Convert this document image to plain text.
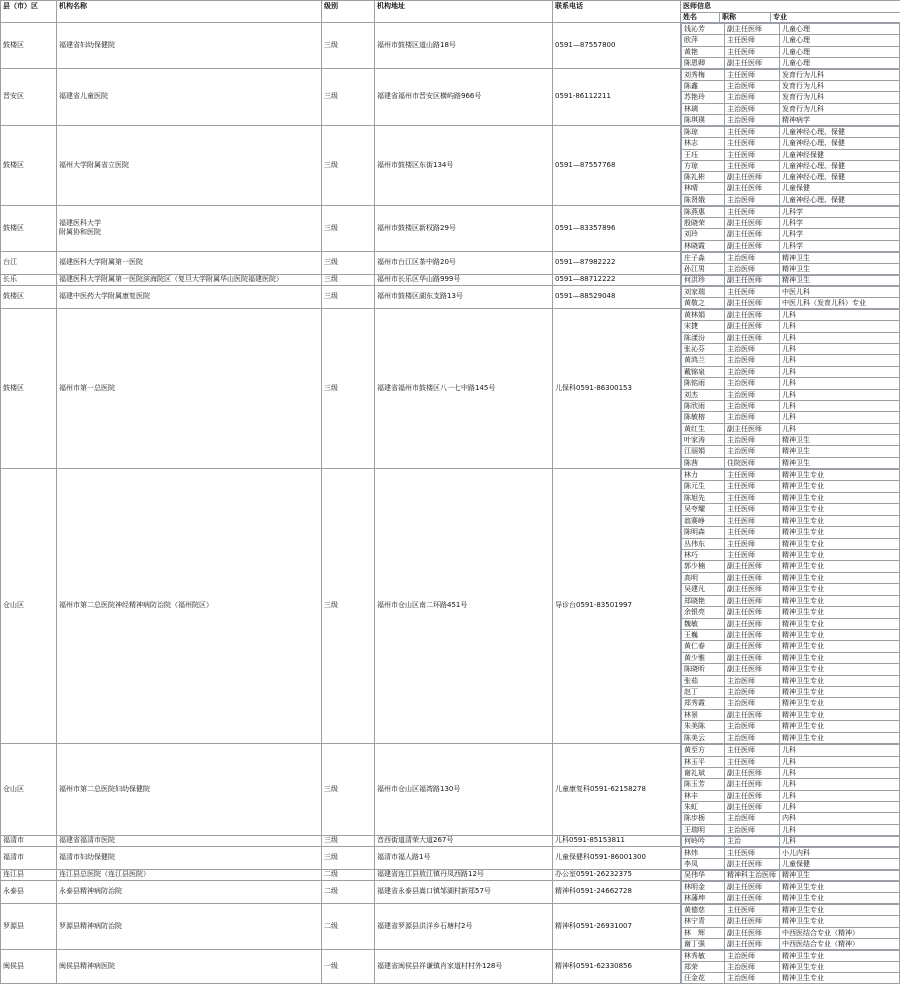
县（市）区	机构名称	级别	机构地址	联系电话	医师信息
姓名	职称	专业

鼓楼区	福建省妇幼保健院	三级	福州市鼓楼区道山路18号	0591—87557800	
钱沁芳	副主任医师	儿童心理
欧萍	主任医师	儿童心理
黄艳	主任医师	儿童心理
陈恩卿	副主任医师	儿童心理

晋安区	福建省儿童医院	三级	福建省福州市晋安区横屿路966号	0591-86112211	
刘秀梅	主任医师	发育行为儿科
陈鑫	主治医师	发育行为儿科
苏艳玲	主治医师	发育行为儿科
林璃	主治医师	发育行为儿科
陈琪瑛	主治医师	精神病学

鼓楼区	福州大学附属省立医院	三级	福州市鼓楼区东街134号	0591—87557768	
陈琼	主任医师	儿童神经心理、保健
林志	主任医师	儿童神经心理、保健
王珏	主任医师	儿童神经保健
方琼	主任医师	儿童神经心理、保健
陈礼彬	副主任医师	儿童神经心理、保健
林晴	副主任医师	儿童保健
陈贤娥	主治医师	儿童神经心理、保健

鼓楼区	福建医科大学
附属协和医院	三级	福州市鼓楼区新权路29号	0591—83357896	
陈燕惠	主任医师	儿科学
殷晓荣	副主任医师	儿科学
刘玲	副主任医师	儿科学
林晓霞	副主任医师	儿科学

台江	福建医科大学附属第一医院	三级	福州市台江区茶中路20号	0591—87982222	
庄子淼	主治医师	精神卫生
孙江男	主治医师	精神卫生

长乐	福建医科大学附属第一医院滨海院区（复旦大学附属华山医院福建医院）	三级	福州市长乐区华山路999号	0591—88712222		何洪珍	副主任医师	精神卫生

鼓楼区	福建中医药大学附属康复医院	三级	福州市鼓楼区湖东支路13号	0591—88529048	
刘家瑞	主任医师	中医儿科
黄敬之	副主任医师	中医儿科（发育儿科）专业

鼓楼区	福州市第一总医院	三级	福建省福州市鼓楼区八一七中路145号	儿保科0591-86300153	
黄林娟	副主任医师	儿科
宋捷	副主任医师	儿科
陈漾汾	副主任医师	儿科
张沁芬	主治医师	儿科
黄鸿兰	主治医师	儿科
戴锦泉	主治医师	儿科
陈铭雨	主治医师	儿科
刘杰	主治医师	儿科
陈欣雨	主治医师	儿科
陈敏榕	主治医师	儿科
黄红生	副主任医师	儿科
叶家涛	主治医师	精神卫生
江丽娟	主治医师	精神卫生
陈茜	住院医师	精神卫生

仓山区	福州市第二总医院神经精神病防治院（福州院区）	三级	福州市仓山区南二环路451号	导诊台0591-83501997	
林力	主任医师	精神卫生专业
陈元生	主任医师	精神卫生专业
陈旭先	主任医师	精神卫生专业
吴夸耀	主任医师	精神卫生专业
翁赛峥	主任医师	精神卫生专业
陈明森	主任医师	精神卫生专业
丛伟东	主任医师	精神卫生专业
林巧	主任医师	精神卫生专业
郭少楠	副主任医师	精神卫生专业
高明	副主任医师	精神卫生专业
吴建凡	副主任医师	精神卫生专业
郑晓艳	副主任医师	精神卫生专业
余银亮	副主任医师	精神卫生专业
魏敏	副主任医师	精神卫生专业
王巍	副主任医师	精神卫生专业
黄仁春	副主任医师	精神卫生专业
黄少雅	副主任医师	精神卫生专业
陈晓昕	副主任医师	精神卫生专业
张茹	主治医师	精神卫生专业
赵丁	主治医师	精神卫生专业
郑秀霞	主治医师	精神卫生专业
林景	副主任医师	精神卫生专业
朱美陈	主治医师	精神卫生专业
陈美云	主治医师	精神卫生专业

仓山区	福州市第二总医院妇幼保健院	三级	福州市仓山区福湾路130号	儿童康复科0591-62158278	
黄至方	主任医师	儿科
林玉平	主任医师	儿科
谢礼斌	副主任医师	儿科
陈玉芳	副主任医师	儿科
林丰	副主任医师	儿科
朱虹	副主任医师	儿科
陈步栃	主治医师	内科
王瑞明	主治医师	儿科

福清市	福建省福清市医院	三级	音西街道清荣大道267号	儿科0591-85153811		何岭吟	主治	儿科

福清市	福清市妇幼保健院	三级	福清市福人路1号	儿童保健科0591-86001300	
林炜	主任医师	小儿内科
李凤	副主任医师	儿童保健

连江县	连江县总医院（连江县医院）	二级	福建省连江县敖江镇丹凤西路12号	办公室0591-26232375		吴伟华	精神科主治医师	精神卫生

永泰县	永泰县精神病防治院	二级	福建省永泰县嵩口镇邹湖村新郑57号	精神科0591-24662728	
林明金	副主任医师	精神卫生专业
林藩坤	副主任医师	精神卫生专业

罗源县	罗源县精神病防治院	二级	福建省罗源县洪洋乡石塘村2号	精神科0591-26931007	
黄德慈	主任医师	精神卫生专业
林宁青	副主任医师	精神卫生专业
林　辉	副主任医师	中西医结合专业（精神）
谢丁强	副主任医师	中西医结合专业（精神）

闽侯县	闽侯县精神病医院	一级	福建省闽侯县祥谦镇肖家道村村外128号	精神科0591-62330856	
林秀敏	主治医师	精神卫生专业
郑荣	主治医师	精神卫生专业
汪金花	主治医师	精神卫生专业
